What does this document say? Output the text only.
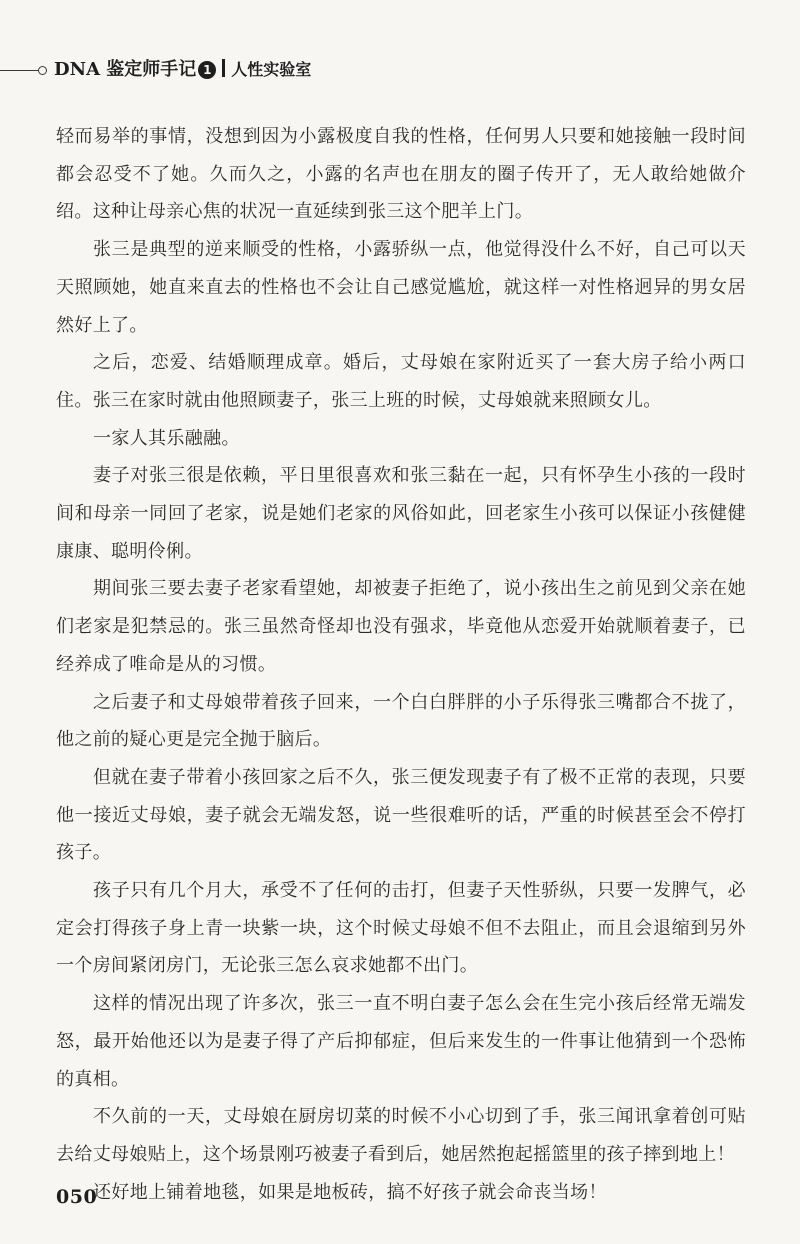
DNA 鉴定师手记 1 人性实验室

轻而易举的事情，没想到因为小露极度自我的性格，任何男人只要和她接触一段时间都会忍受不了她。久而久之，小露的名声也在朋友的圈子传开了，无人敢给她做介绍。这种让母亲心焦的状况一直延续到张三这个肥羊上门。

张三是典型的逆来顺受的性格，小露骄纵一点，他觉得没什么不好，自己可以天天照顾她，她直来直去的性格也不会让自己感觉尴尬，就这样一对性格迥异的男女居然好上了。

之后，恋爱、结婚顺理成章。婚后，丈母娘在家附近买了一套大房子给小两口住。张三在家时就由他照顾妻子，张三上班的时候，丈母娘就来照顾女儿。

一家人其乐融融。

妻子对张三很是依赖，平日里很喜欢和张三黏在一起，只有怀孕生小孩的一段时间和母亲一同回了老家，说是她们老家的风俗如此，回老家生小孩可以保证小孩健健康康、聪明伶俐。

期间张三要去妻子老家看望她，却被妻子拒绝了，说小孩出生之前见到父亲在她们老家是犯禁忌的。张三虽然奇怪却也没有强求，毕竟他从恋爱开始就顺着妻子，已经养成了唯命是从的习惯。

之后妻子和丈母娘带着孩子回来，一个白白胖胖的小子乐得张三嘴都合不拢了，他之前的疑心更是完全抛于脑后。

但就在妻子带着小孩回家之后不久，张三便发现妻子有了极不正常的表现，只要他一接近丈母娘，妻子就会无端发怒，说一些很难听的话，严重的时候甚至会不停打孩子。

孩子只有几个月大，承受不了任何的击打，但妻子天性骄纵，只要一发脾气，必定会打得孩子身上青一块紫一块，这个时候丈母娘不但不去阻止，而且会退缩到另外一个房间紧闭房门，无论张三怎么哀求她都不出门。

这样的情况出现了许多次，张三一直不明白妻子怎么会在生完小孩后经常无端发怒，最开始他还以为是妻子得了产后抑郁症，但后来发生的一件事让他猜到一个恐怖的真相。

不久前的一天，丈母娘在厨房切菜的时候不小心切到了手，张三闻讯拿着创可贴去给丈母娘贴上，这个场景刚巧被妻子看到后，她居然抱起摇篮里的孩子摔到地上！

还好地上铺着地毯，如果是地板砖，搞不好孩子就会命丧当场！

050
